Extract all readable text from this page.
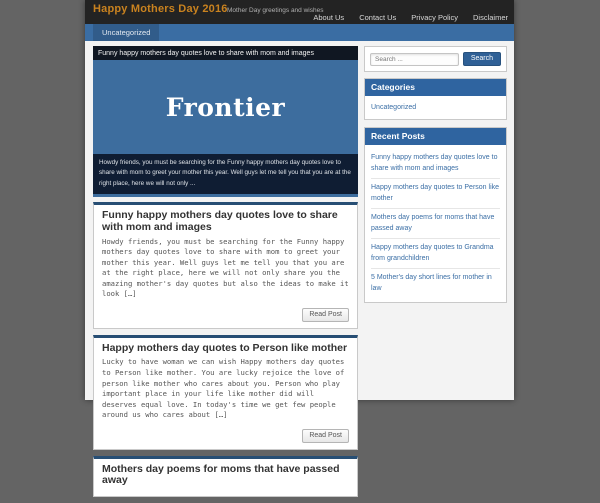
Happy Mothers Day 2016 Mother Day greetings and wishes
About Us Contact Us Privacy Policy Disclaimer
Uncategorized
Funny happy mothers day quotes love to share with mom and images
Frontier
Howdy friends, you must be searching for the Funny happy mothers day quotes love to share with mom to greet your mother this year. Well guys let me tell you that you are at the right place, here we will not only ...
Funny happy mothers day quotes love to share with mom and images
Howdy friends, you must be searching for the Funny happy mothers day quotes love to share with mom to greet your mother this year. Well guys let me tell you that you are at the right place, here we will not only share you the amazing mother's day quotes but also the ideas to make it look […]
Read Post
Happy mothers day quotes to Person like mother
Lucky to have woman we can wish Happy mothers day quotes to Person like mother. You are lucky rejoice the love of person like mother who cares about you. Person who play important place in your life like mother did will deserves equal love. In today's time we get few people around us who cares about […]
Read Post
Mothers day poems for moms that have passed away
Search ...
Search
Categories
Uncategorized
Recent Posts
Funny happy mothers day quotes love to share with mom and images
Happy mothers day quotes to Person like mother
Mothers day poems for moms that have passed away
Happy mothers day quotes to Grandma from grandchildren
5 Mother's day short lines for mother in law
